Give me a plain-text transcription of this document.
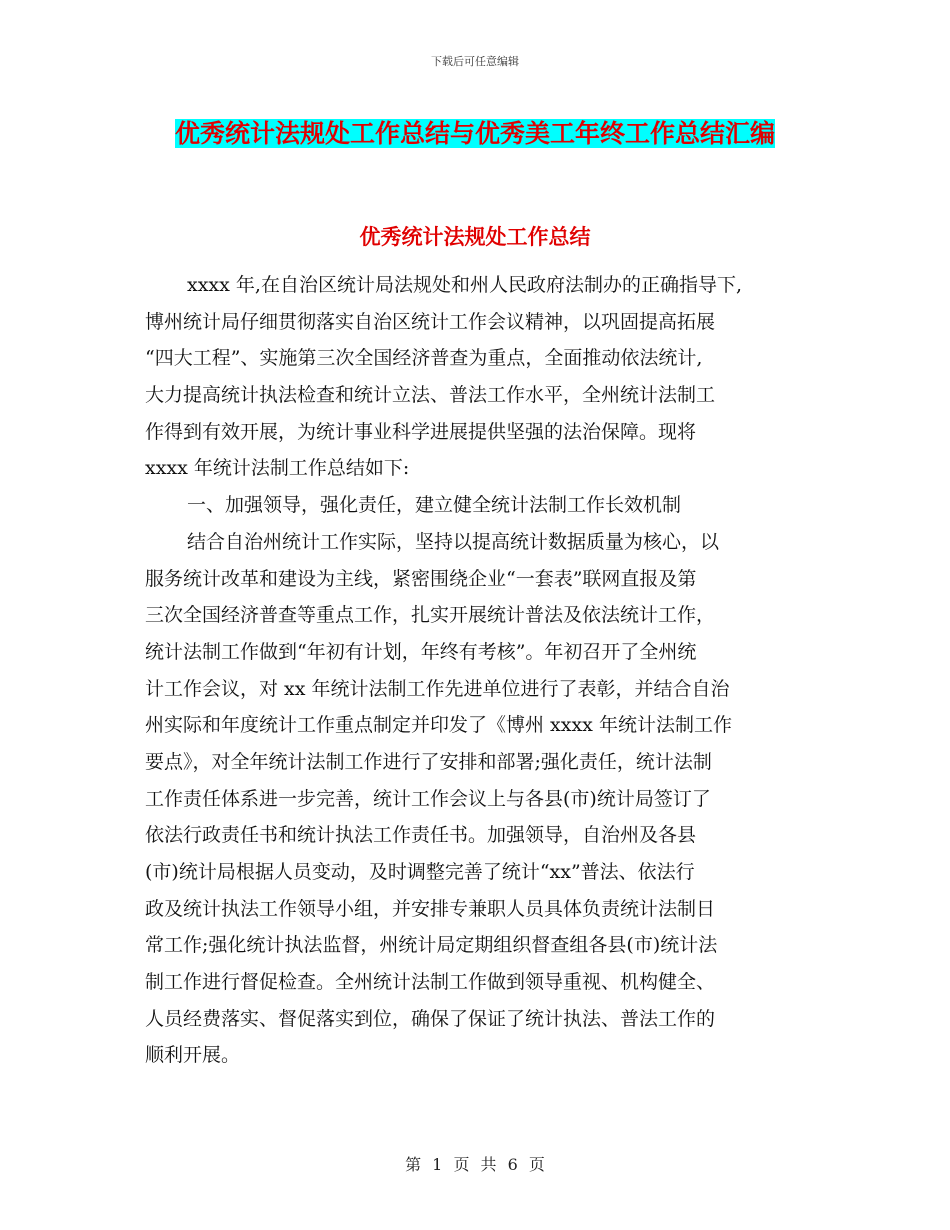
下载后可任意编辑
优秀统计法规处工作总结与优秀美工年终工作总结汇编
优秀统计法规处工作总结
xxxx 年,在自治区统计局法规处和州人民政府法制办的正确指导下,
博州统计局仔细贯彻落实自治区统计工作会议精神，以巩固提高拓展
“四大工程”、实施第三次全国经济普查为重点，全面推动依法统计,
大力提高统计执法检查和统计立法、普法工作水平，全州统计法制工
作得到有效开展，为统计事业科学进展提供坚强的法治保障。现将
xxxx 年统计法制工作总结如下:
一、加强领导，强化责任，建立健全统计法制工作长效机制
结合自治州统计工作实际，坚持以提高统计数据质量为核心，以
服务统计改革和建设为主线，紧密围绕企业“一套表”联网直报及第
三次全国经济普查等重点工作，扎实开展统计普法及依法统计工作，
统计法制工作做到“年初有计划，年终有考核”。年初召开了全州统
计工作会议，对 xx 年统计法制工作先进单位进行了表彰，并结合自治
州实际和年度统计工作重点制定并印发了《博州 xxxx 年统计法制工作
要点》，对全年统计法制工作进行了安排和部署;强化责任，统计法制
工作责任体系进一步完善，统计工作会议上与各县(市)统计局签订了
依法行政责任书和统计执法工作责任书。加强领导，自治州及各县
(市)统计局根据人员变动，及时调整完善了统计“xx”普法、依法行
政及统计执法工作领导小组，并安排专兼职人员具体负责统计法制日
常工作;强化统计执法监督，州统计局定期组织督查组各县(市)统计法
制工作进行督促检查。全州统计法制工作做到领导重视、机构健全、
人员经费落实、督促落实到位，确保了保证了统计执法、普法工作的
顺利开展。
第 1 页 共 6 页
